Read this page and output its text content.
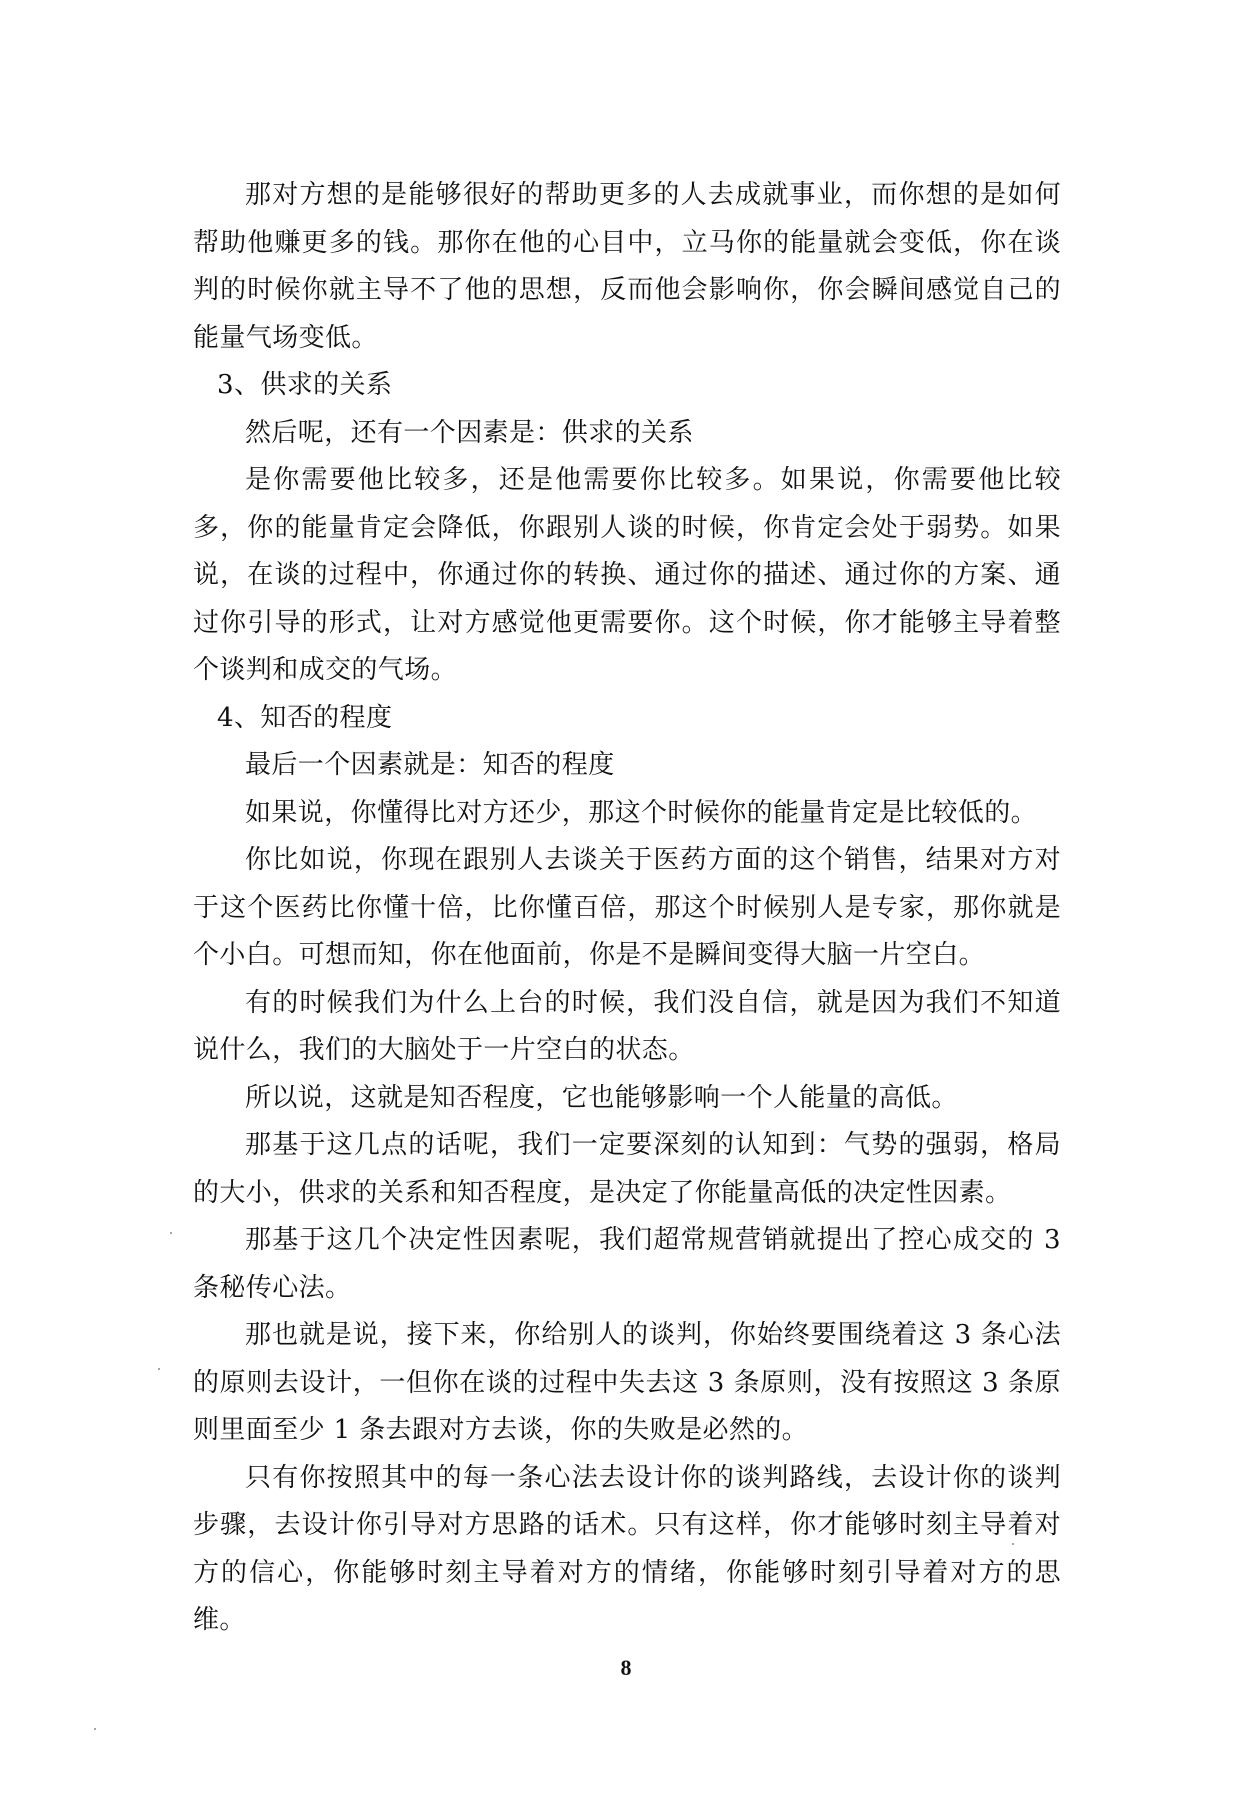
那对方想的是能够很好的帮助更多的人去成就事业，而你想的是如何帮助他赚更多的钱。那你在他的心目中，立马你的能量就会变低，你在谈判的时候你就主导不了他的思想，反而他会影响你，你会瞬间感觉自己的能量气场变低。

3、供求的关系

然后呢，还有一个因素是：供求的关系

是你需要他比较多，还是他需要你比较多。如果说，你需要他比较多，你的能量肯定会降低，你跟别人谈的时候，你肯定会处于弱势。如果说，在谈的过程中，你通过你的转换、通过你的描述、通过你的方案、通过你引导的形式，让对方感觉他更需要你。这个时候，你才能够主导着整个谈判和成交的气场。

4、知否的程度

最后一个因素就是：知否的程度

如果说，你懂得比对方还少，那这个时候你的能量肯定是比较低的。

你比如说，你现在跟别人去谈关于医药方面的这个销售，结果对方对于这个医药比你懂十倍，比你懂百倍，那这个时候别人是专家，那你就是个小白。可想而知，你在他面前，你是不是瞬间变得大脑一片空白。

有的时候我们为什么上台的时候，我们没自信，就是因为我们不知道说什么，我们的大脑处于一片空白的状态。

所以说，这就是知否程度，它也能够影响一个人能量的高低。

那基于这几点的话呢，我们一定要深刻的认知到：气势的强弱，格局的大小，供求的关系和知否程度，是决定了你能量高低的决定性因素。

那基于这几个决定性因素呢，我们超常规营销就提出了控心成交的 3 条秘传心法。

那也就是说，接下来，你给别人的谈判，你始终要围绕着这 3 条心法的原则去设计，一但你在谈的过程中失去这 3 条原则，没有按照这 3 条原则里面至少 1 条去跟对方去谈，你的失败是必然的。

只有你按照其中的每一条心法去设计你的谈判路线，去设计你的谈判步骤，去设计你引导对方思路的话术。只有这样，你才能够时刻主导着对方的信心，你能够时刻主导着对方的情绪，你能够时刻引导着对方的思维。

8
